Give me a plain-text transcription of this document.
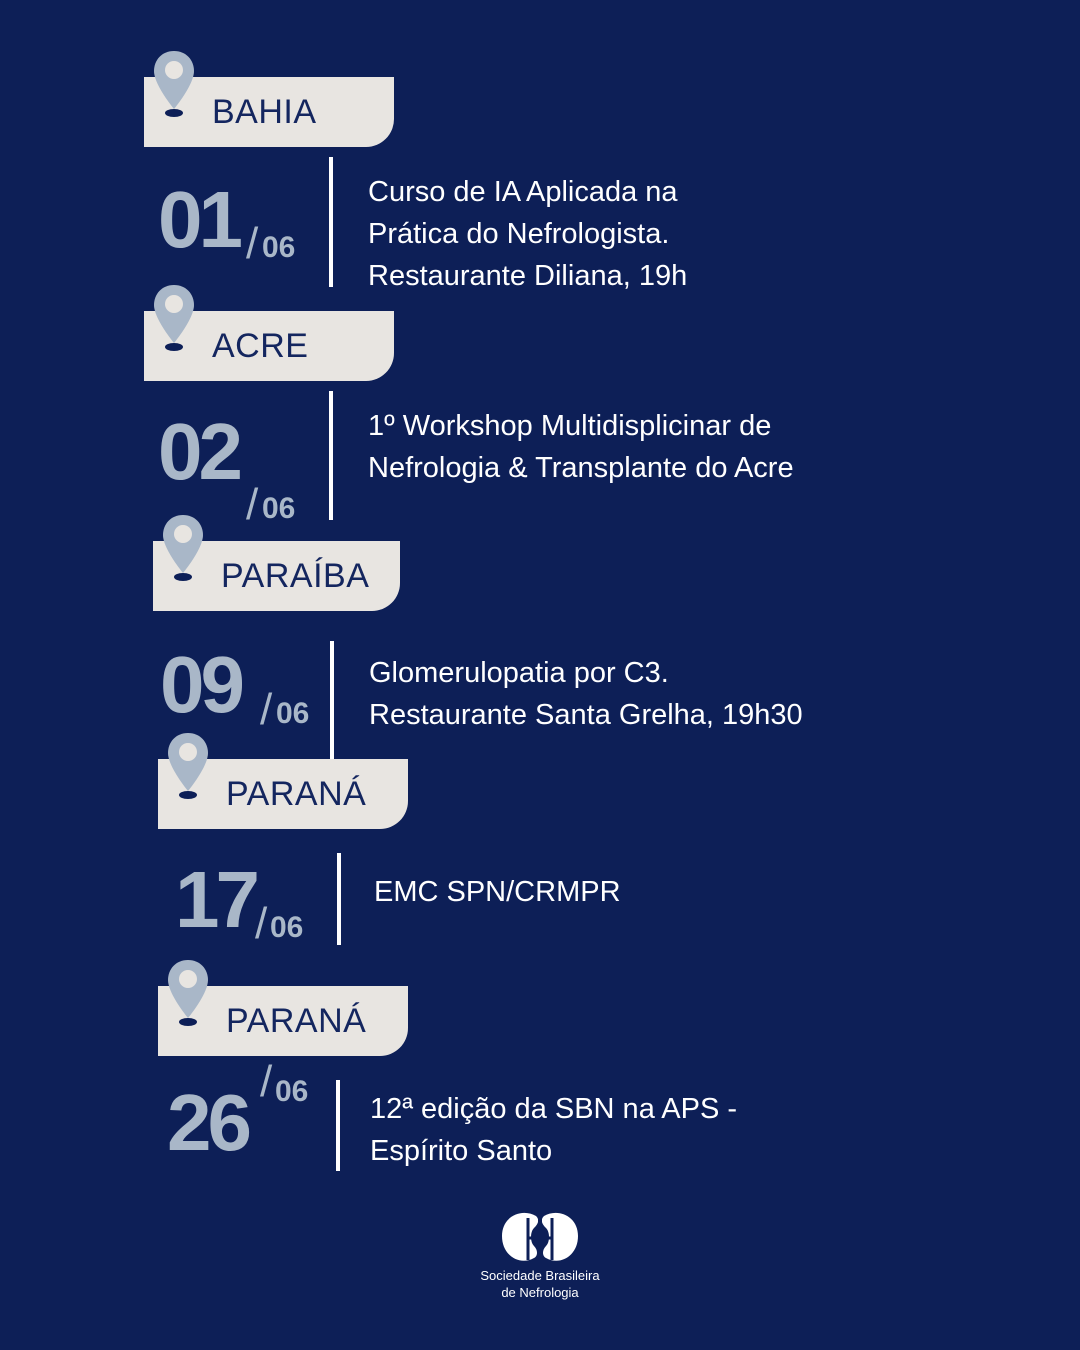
BAHIA
01 / 06
Curso de IA Aplicada na
Prática do Nefrologista.
Restaurante Diliana, 19h
ACRE
02
/ 06
1º Workshop Multidisplicinar de
Nefrologia & Transplante do Acre
PARAÍBA
09 / 06
Glomerulopatia por C3.
Restaurante Santa Grelha, 19h30
PARANÁ
17 / 06
EMC SPN/CRMPR
PARANÁ
/ 06
26	12ª edição da SBN na APS -
Espírito Santo
Sociedade Brasileira
de Nefrologia
